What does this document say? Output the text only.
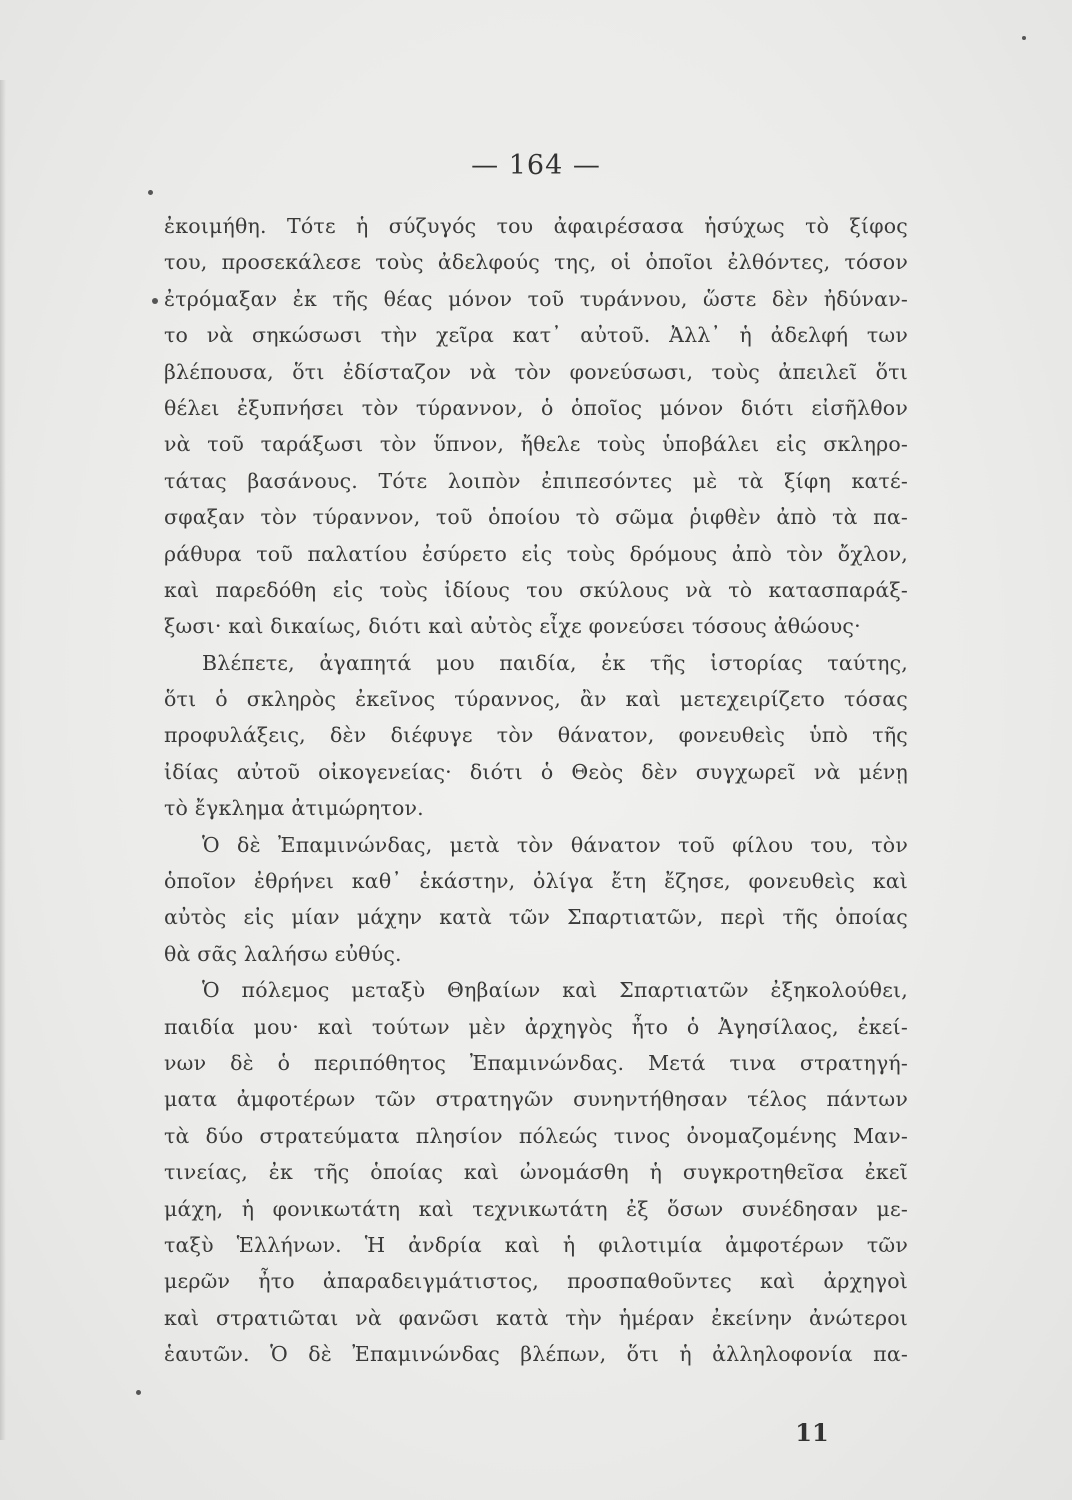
— 164 —
ἐκοιμήθη. Τότε ἡ σύζυγός του ἀφαιρέσασα ἡσύχως τὸ ξίφος
του, προσεκάλεσε τοὺς ἀδελφούς της, οἱ ὁποῖοι ἐλθόντες, τόσον
ἐτρόμαξαν ἐκ τῆς θέας μόνον τοῦ τυράννου, ὥστε δὲν ἠδύναν-
το νὰ σηκώσωσι τὴν χεῖρα κατ᾽ αὐτοῦ. Ἀλλ᾽ ἡ ἀδελφή των
βλέπουσα, ὅτι ἐδίσταζον νὰ τὸν φονεύσωσι, τοὺς ἀπειλεῖ ὅτι
θέλει ἐξυπνήσει τὸν τύραννον, ὁ ὁποῖος μόνον διότι εἰσῆλθον
νὰ τοῦ ταράξωσι τὸν ὕπνον, ἤθελε τοὺς ὑποβάλει εἰς σκληρο-
τάτας βασάνους. Τότε λοιπὸν ἐπιπεσόντες μὲ τὰ ξίφη κατέ-
σφαξαν τὸν τύραννον, τοῦ ὁποίου τὸ σῶμα ῥιφθὲν ἀπὸ τὰ πα-
ράθυρα τοῦ παλατίου ἐσύρετο εἰς τοὺς δρόμους ἀπὸ τὸν ὄχλον,
καὶ παρεδόθη εἰς τοὺς ἰδίους του σκύλους νὰ τὸ κατασπαράξ-
ξωσι· καὶ δικαίως, διότι καὶ αὐτὸς εἶχε φονεύσει τόσους ἀθώους·
Βλέπετε, ἀγαπητά μου παιδία, ἐκ τῆς ἱστορίας ταύτης,
ὅτι ὁ σκληρὸς ἐκεῖνος τύραννος, ἂν καὶ μετεχειρίζετο τόσας
προφυλάξεις, δὲν διέφυγε τὸν θάνατον, φονευθεὶς ὑπὸ τῆς
ἰδίας αὐτοῦ οἰκογενείας· διότι ὁ Θεὸς δὲν συγχωρεῖ νὰ μένῃ
τὸ ἔγκλημα ἀτιμώρητον.
Ὁ δὲ Ἐπαμινώνδας, μετὰ τὸν θάνατον τοῦ φίλου του, τὸν
ὁποῖον ἐθρήνει καθ᾽ ἑκάστην, ὀλίγα ἔτη ἔζησε, φονευθεὶς καὶ
αὐτὸς εἰς μίαν μάχην κατὰ τῶν Σπαρτιατῶν, περὶ τῆς ὁποίας
θὰ σᾶς λαλήσω εὐθύς.
Ὁ πόλεμος μεταξὺ Θηβαίων καὶ Σπαρτιατῶν ἐξηκολούθει,
παιδία μου· καὶ τούτων μὲν ἀρχηγὸς ἦτο ὁ Ἀγησίλαος, ἐκεί-
νων δὲ ὁ περιπόθητος Ἐπαμινώνδας. Μετά τινα στρατηγή-
ματα ἀμφοτέρων τῶν στρατηγῶν συνηντήθησαν τέλος πάντων
τὰ δύο στρατεύματα πλησίον πόλεώς τινος ὀνομαζομένης Μαν-
τινείας, ἐκ τῆς ὁποίας καὶ ὠνομάσθη ἡ συγκροτηθεῖσα ἐκεῖ
μάχη, ἡ φονικωτάτη καὶ τεχνικωτάτη ἐξ ὅσων συνέδησαν με-
ταξὺ Ἑλλήνων. Ἡ ἀνδρία καὶ ἡ φιλοτιμία ἀμφοτέρων τῶν
μερῶν ἦτο ἀπαραδειγμάτιστος, προσπαθοῦντες καὶ ἀρχηγοὶ
καὶ στρατιῶται νὰ φανῶσι κατὰ τὴν ἡμέραν ἐκείνην ἀνώτεροι
ἑαυτῶν. Ὁ δὲ Ἐπαμινώνδας βλέπων, ὅτι ἡ ἀλληλοφονία πα-
11
